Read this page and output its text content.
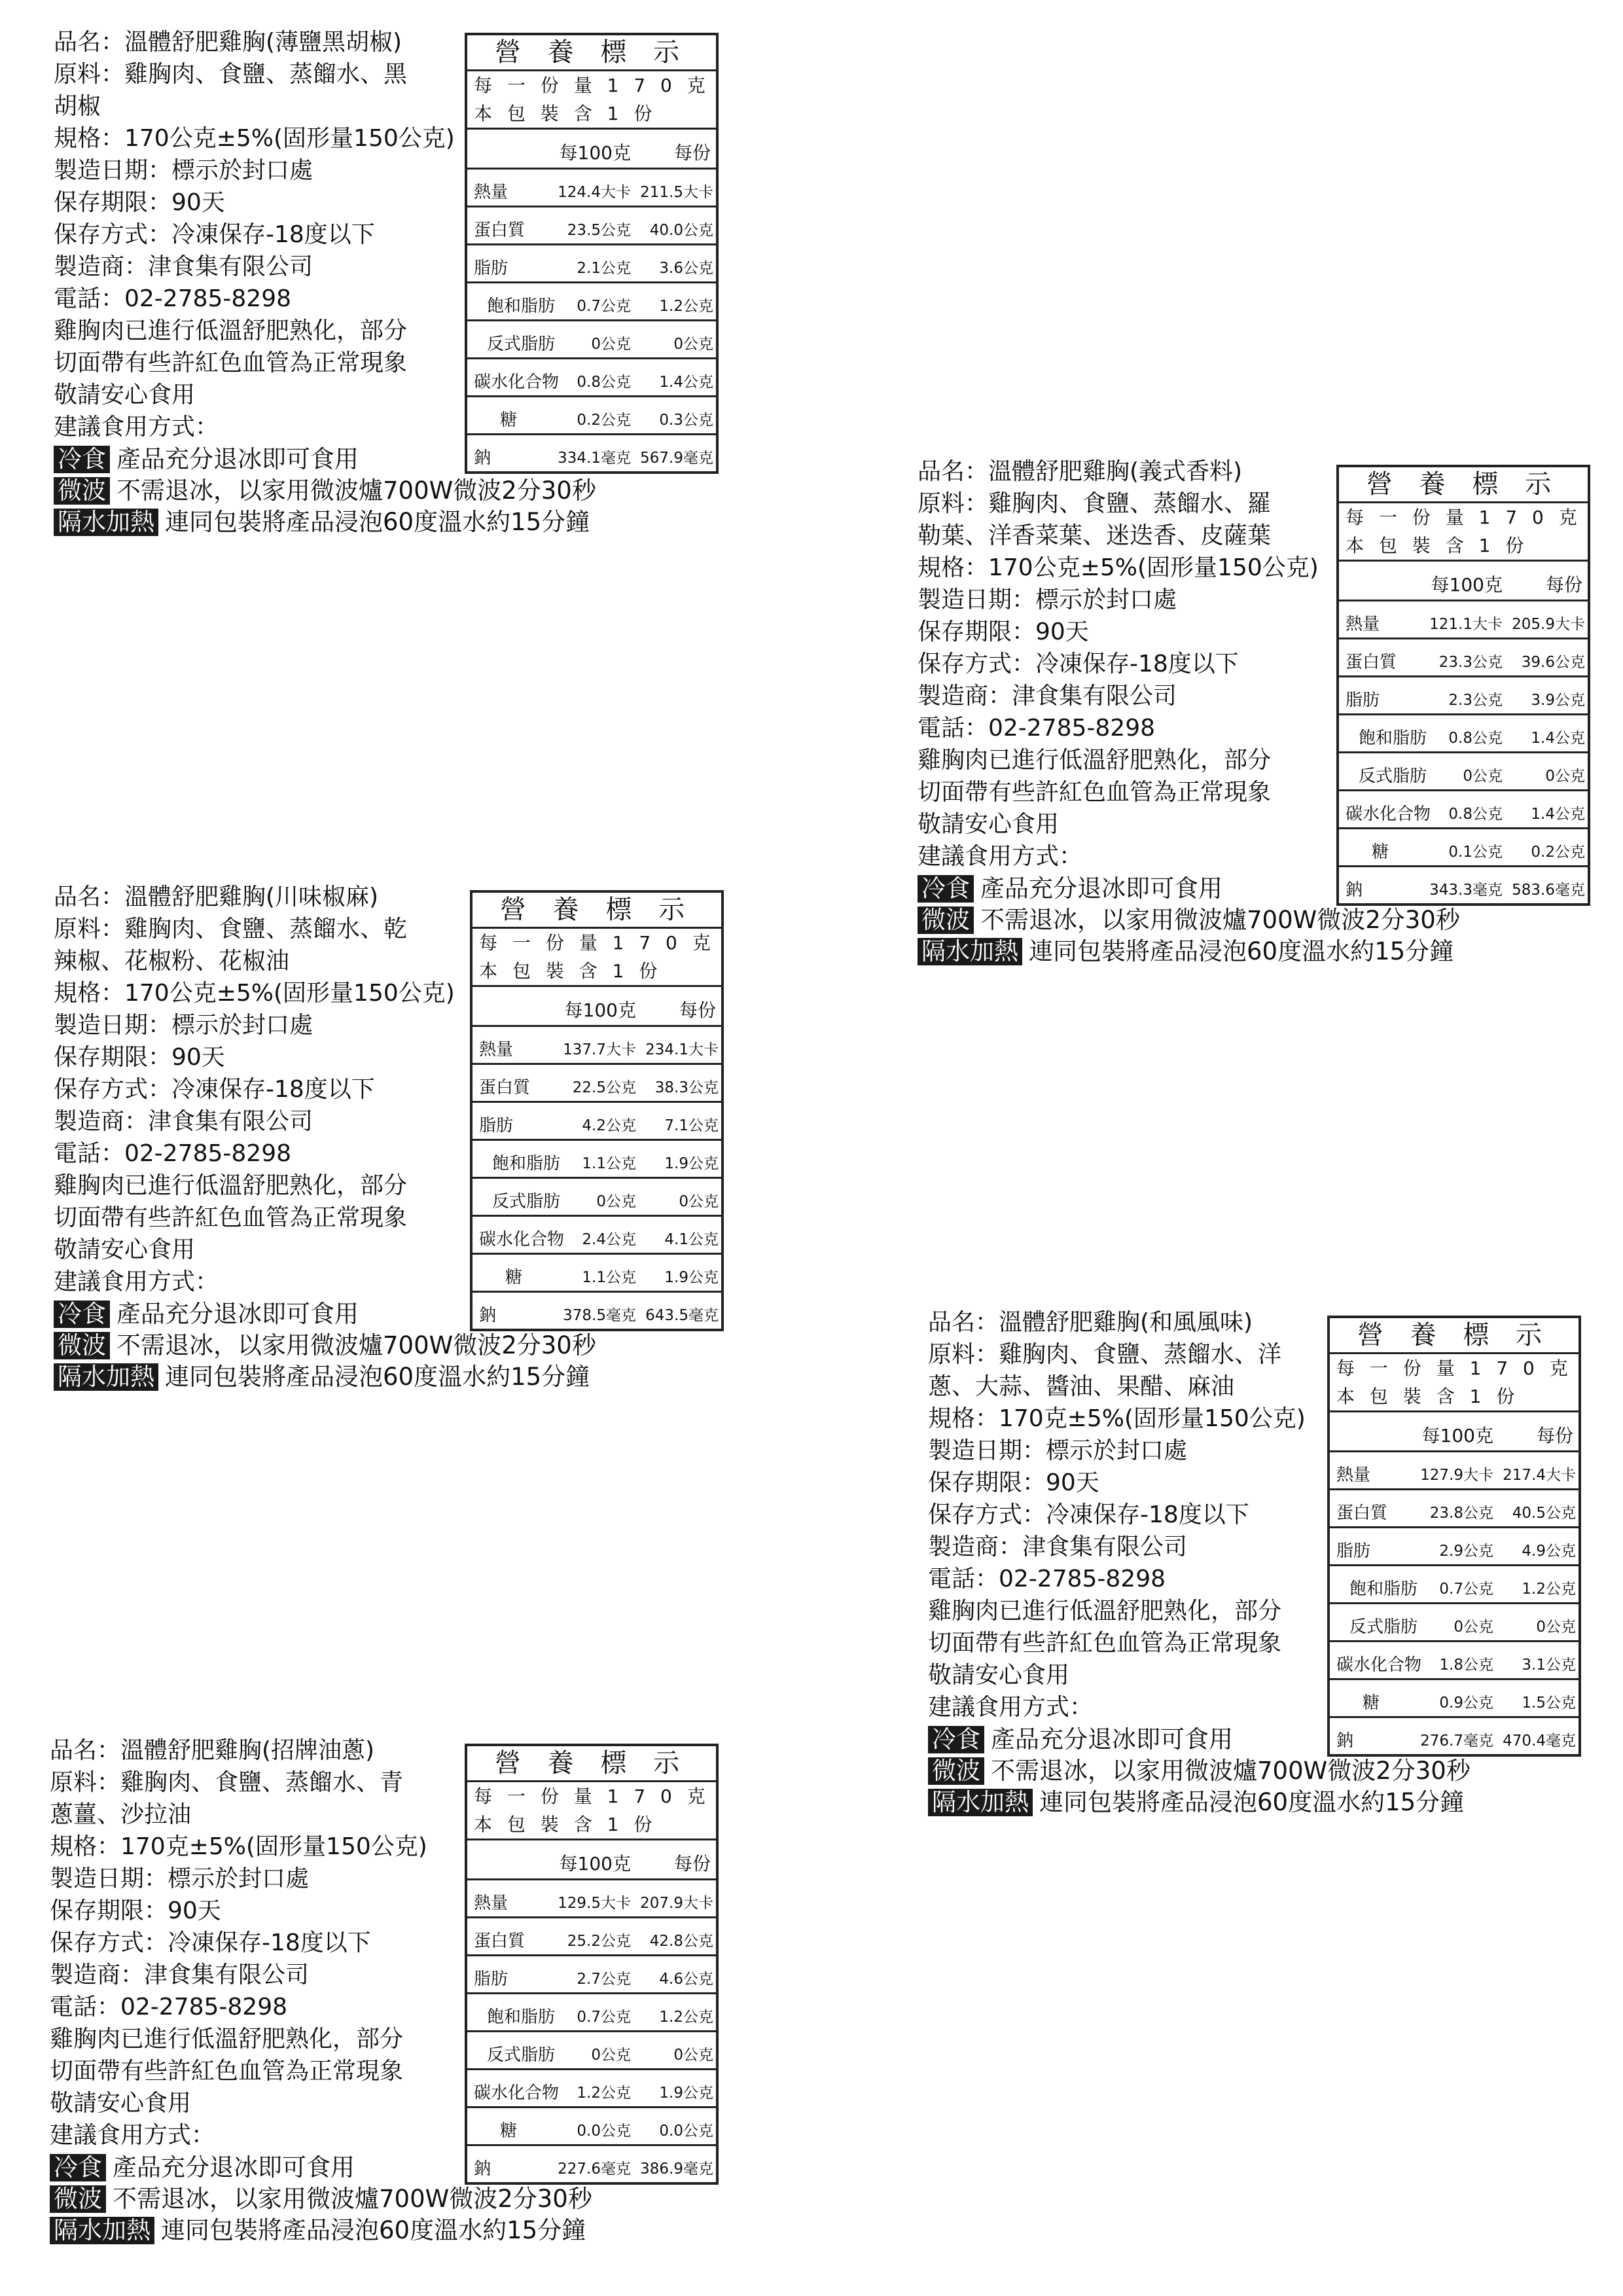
品名：溫體舒肥雞胸(薄鹽黑胡椒)
原料：雞胸肉、食鹽、蒸餾水、黑胡椒
規格：170公克±5%(固形量150公克)
製造日期：標示於封口處
保存期限：90天
保存方式：冷凍保存-18度以下
製造商：津食集有限公司
電話：02-2785-8298
雞胸肉已進行低溫舒肥熟化，部分
切面帶有些許紅色血管為正常現象
敬請安心食用
建議食用方式：
營 養 標 示
每 一 份 量 1 7 0 克
本 包 裝 含 1 份
每100克 每份
熱量	124.4大卡 211.5大卡
蛋白質	23.5公克 40.0公克
脂肪	2.1公克 3.6公克
飽和脂肪 0.7公克 1.2公克
反式脂肪 0公克	0公克
碳水化合物 0.8公克 1.4公克
糖	0.2公克 0.3公克
鈉	334.1毫克 567.9毫克
冷食 產品充分退冰即可食用
微波 不需退冰，以家用微波爐700W微波2分30秒
隔水加熱 連同包裝將產品浸泡60度溫水約15分鐘
品名：溫體舒肥雞胸(義式香料)
原料：雞胸肉、食鹽、蒸餾水、羅勒葉、洋香菜葉、迷迭香、皮薩葉
規格：170公克±5%(固形量150公克)
製造日期：標示於封口處
保存期限：90天
保存方式：冷凍保存-18度以下
製造商：津食集有限公司
電話：02-2785-8298
雞胸肉已進行低溫舒肥熟化，部分
切面帶有些許紅色血管為正常現象
敬請安心食用
建議食用方式：
營 養 標 示
每 一 份 量 1 7 0 克
本 包 裝 含 1 份
每100克 每份
熱量	121.1大卡 205.9大卡
蛋白質	23.3公克 39.6公克
脂肪	2.3公克 3.9公克
飽和脂肪 0.8公克 1.4公克
反式脂肪 0公克	0公克
碳水化合物 0.8公克 1.4公克
糖	0.1公克 0.2公克
鈉	343.3毫克 583.6毫克
冷食 產品充分退冰即可食用
微波 不需退冰，以家用微波爐700W微波2分30秒
隔水加熱 連同包裝將產品浸泡60度溫水約15分鐘
品名：溫體舒肥雞胸(川味椒麻)
原料：雞胸肉、食鹽、蒸餾水、乾辣椒、花椒粉、花椒油
規格：170公克±5%(固形量150公克)
製造日期：標示於封口處
保存期限：90天
保存方式：冷凍保存-18度以下
製造商：津食集有限公司
電話：02-2785-8298
雞胸肉已進行低溫舒肥熟化，部分
切面帶有些許紅色血管為正常現象
敬請安心食用
建議食用方式：
營 養 標 示
每 一 份 量 1 7 0 克
本 包 裝 含 1 份
每100克 每份
熱量	137.7大卡 234.1大卡
蛋白質	22.5公克 38.3公克
脂肪	4.2公克 7.1公克
飽和脂肪 1.1公克 1.9公克
反式脂肪 0公克	0公克
碳水化合物 2.4公克 4.1公克
糖	1.1公克 1.9公克
鈉	378.5毫克 643.5毫克
冷食 產品充分退冰即可食用
微波 不需退冰，以家用微波爐700W微波2分30秒
隔水加熱 連同包裝將產品浸泡60度溫水約15分鐘
品名：溫體舒肥雞胸(和風風味)
原料：雞胸肉、食鹽、蒸餾水、洋蔥、大蒜、醬油、果醋、麻油
規格：170克±5%(固形量150公克)
製造日期：標示於封口處
保存期限：90天
保存方式：冷凍保存-18度以下
製造商：津食集有限公司
電話：02-2785-8298
雞胸肉已進行低溫舒肥熟化，部分
切面帶有些許紅色血管為正常現象
敬請安心食用
建議食用方式：
營 養 標 示
每 一 份 量 1 7 0 克
本 包 裝 含 1 份
每100克 每份
熱量	127.9大卡 217.4大卡
蛋白質	23.8公克 40.5公克
脂肪	2.9公克 4.9公克
飽和脂肪 0.7公克 1.2公克
反式脂肪 0公克	0公克
碳水化合物 1.8公克 3.1公克
糖	0.9公克 1.5公克
鈉	276.7毫克 470.4毫克
冷食 產品充分退冰即可食用
微波 不需退冰，以家用微波爐700W微波2分30秒
隔水加熱 連同包裝將產品浸泡60度溫水約15分鐘
品名：溫體舒肥雞胸(招牌油蔥)
原料：雞胸肉、食鹽、蒸餾水、青蔥薑、沙拉油
規格：170克±5%(固形量150公克)
製造日期：標示於封口處
保存期限：90天
保存方式：冷凍保存-18度以下
製造商：津食集有限公司
電話：02-2785-8298
雞胸肉已進行低溫舒肥熟化，部分
切面帶有些許紅色血管為正常現象
敬請安心食用
建議食用方式：
營 養 標 示
每 一 份 量 1 7 0 克
本 包 裝 含 1 份
每100克 每份
熱量	129.5大卡 207.9大卡
蛋白質	25.2公克 42.8公克
脂肪	2.7公克 4.6公克
飽和脂肪 0.7公克 1.2公克
反式脂肪 0公克	0公克
碳水化合物 1.2公克 1.9公克
糖	0.0公克 0.0公克
鈉	227.6毫克 386.9毫克
冷食 產品充分退冰即可食用
微波 不需退冰，以家用微波爐700W微波2分30秒
隔水加熱 連同包裝將產品浸泡60度溫水約15分鐘
